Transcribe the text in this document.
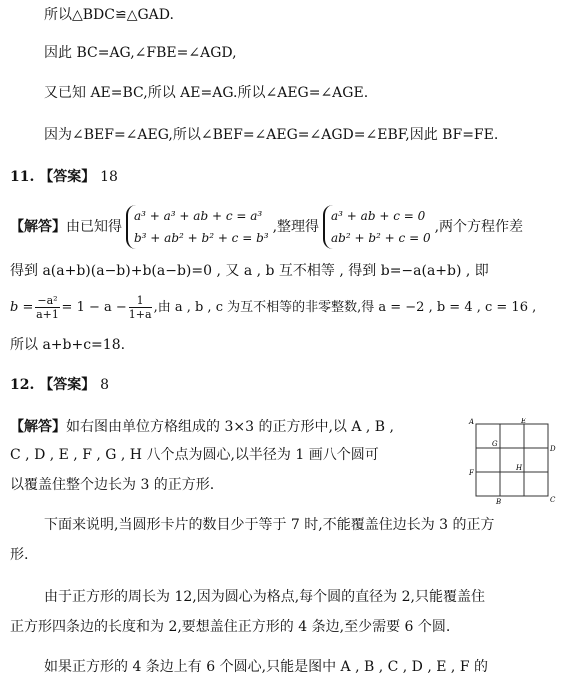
所以△BDC≌△GAD.
因此 BC=AG,∠FBE=∠AGD,
又已知 AE=BC,所以 AE=AG.所以∠AEG=∠AGE.
因为∠BEF=∠AEG,所以∠BEF=∠AEG=∠AGD=∠EBF,因此 BF=FE.
11. 【答案】 18
【解答】由已知得
a³ + a³ + ab + c = a³
b³ + ab² + b² + c = b³
,整理得
a³ + ab + c = 0
ab² + b² + c = 0
,两个方程作差
得到 a(a+b)(a−b)+b(a−b)=0 , 又 a , b 互不相等 , 得到 b=−a(a+b) , 即
$b = \frac{\text{−a²}}{a+1} = 1 - a - \frac{1}{1+a}$ ,由 a , b , c 为互不相等的非零整数,得 a = −2 , b = 4 , c = 16 ,
所以 a+b+c=18.
12. 【答案】 8
【解答】如右图由单位方格组成的 3×3 的正方形中,以 A , B ,
C , D , E , F , G , H 八个点为圆心,以半径为 1 画八个圆可
以覆盖住整个边长为 3 的正方形.
A	E
G
D
F
H
B	C
下面来说明,当圆形卡片的数目少于等于 7 时,不能覆盖住边长为 3 的正方
形.
由于正方形的周长为 12,因为圆心为格点,每个圆的直径为 2,只能覆盖住
正方形四条边的长度和为 2,要想盖住正方形的 4 条边,至少需要 6 个圆.
如果正方形的 4 条边上有 6 个圆心,只能是图中 A , B , C , D , E , F 的
